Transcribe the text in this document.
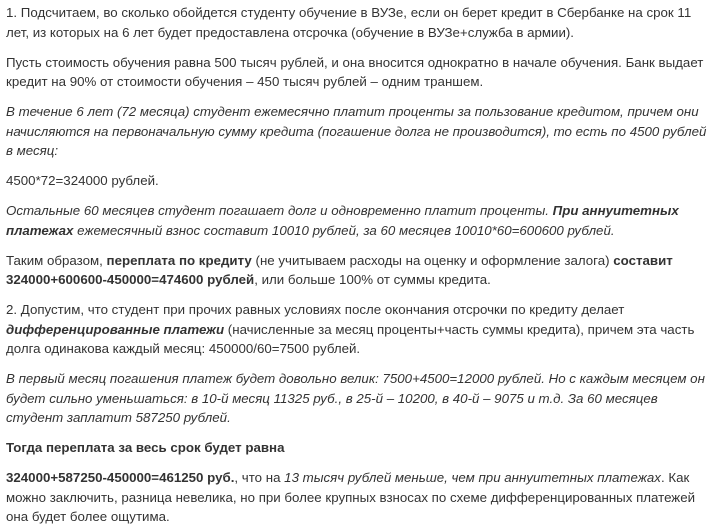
1. Подсчитаем, во сколько обойдется студенту обучение в ВУЗе, если он берет кредит в Сбербанке на срок 11 лет, из которых на 6 лет будет предоставлена отсрочка (обучение в ВУЗе+служба в армии).

Пусть стоимость обучения равна 500 тысяч рублей, и она вносится однократно в начале обучения. Банк выдает кредит на 90% от стоимости обучения – 450 тысяч рублей – одним траншем.

В течение 6 лет (72 месяца) студент ежемесячно платит проценты за пользование кредитом, причем они начисляются на первоначальную сумму кредита (погашение долга не производится), то есть по 4500 рублей в месяц:

4500*72=324000 рублей.

Остальные 60 месяцев студент погашает долг и одновременно платит проценты. При аннуитетных платежах ежемесячный взнос составит 10010 рублей, за 60 месяцев 10010*60=600600 рублей.

Таким образом, переплата по кредиту (не учитываем расходы на оценку и оформление залога) составит 324000+600600-450000=474600 рублей, или больше 100% от суммы кредита.

2. Допустим, что студент при прочих равных условиях после окончания отсрочки по кредиту делает дифференцированные платежи (начисленные за месяц проценты+часть суммы кредита), причем эта часть долга одинакова каждый месяц: 450000/60=7500 рублей.

В первый месяц погашения платеж будет довольно велик: 7500+4500=12000 рублей. Но с каждым месяцем он будет сильно уменьшаться: в 10-й месяц 11325 руб., в 25-й – 10200, в 40-й – 9075 и т.д. За 60 месяцев студент заплатит 587250 рублей.

Тогда переплата за весь срок будет равна

324000+587250-450000=461250 руб., что на 13 тысяч рублей меньше, чем при аннуитетных платежах. Как можно заключить, разница невелика, но при более крупных взносах по схеме дифференцированных платежей она будет более ощутима.
